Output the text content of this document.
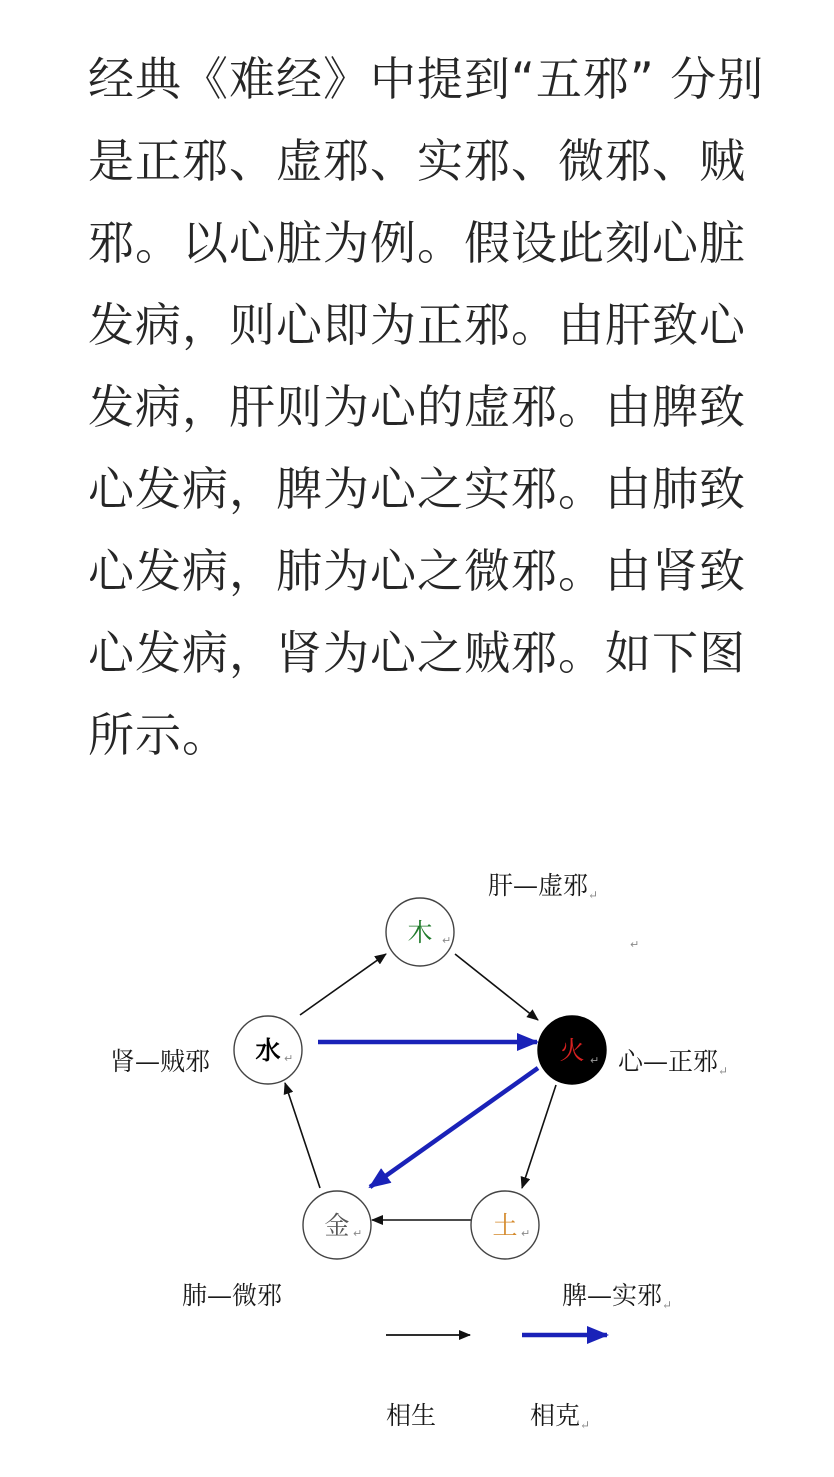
经典《难经》中提到“五邪” 分别
是正邪、虚邪、实邪、微邪、贼
邪。以心脏为例。假设此刻心脏
发病，则心即为正邪。由肝致心
发病，肝则为心的虚邪。由脾致
心发病，脾为心之实邪。由肺致
心发病，肺为心之微邪。由肾致
心发病，肾为心之贼邪。如下图
所示。
木 ↵
火 ↵
土 ↵
金 ↵
水 ↵
↵
肝—虚邪↵
心—正邪↵
肾—贼邪
肺—微邪	脾—实邪↵
相生	相克↵
